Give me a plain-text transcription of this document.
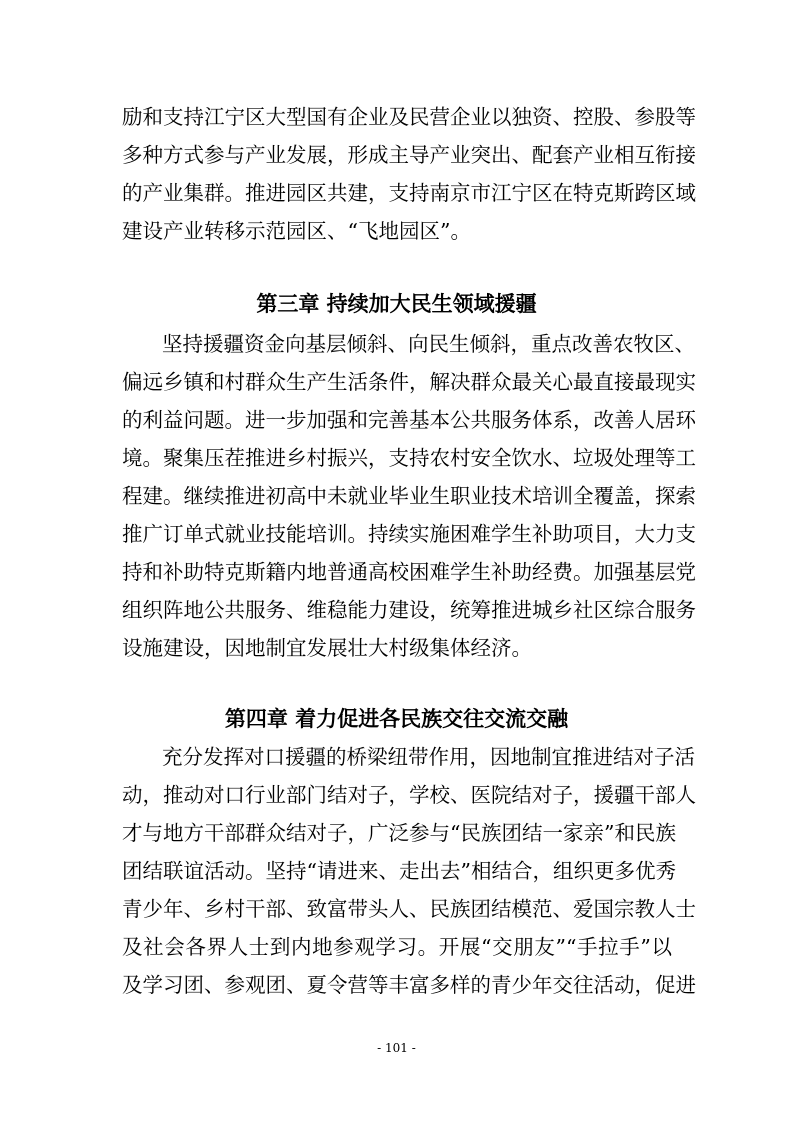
励和支持江宁区大型国有企业及民营企业以独资、控股、参股等
多种方式参与产业发展，形成主导产业突出、配套产业相互衔接
的产业集群。推进园区共建，支持南京市江宁区在特克斯跨区域
建设产业转移示范园区、“飞地园区”。
第三章 持续加大民生领域援疆
坚持援疆资金向基层倾斜、向民生倾斜，重点改善农牧区、
偏远乡镇和村群众生产生活条件，解决群众最关心最直接最现实
的利益问题。进一步加强和完善基本公共服务体系，改善人居环
境。聚集压茬推进乡村振兴，支持农村安全饮水、垃圾处理等工
程建。继续推进初高中未就业毕业生职业技术培训全覆盖，探索
推广订单式就业技能培训。持续实施困难学生补助项目，大力支
持和补助特克斯籍内地普通高校困难学生补助经费。加强基层党
组织阵地公共服务、维稳能力建设，统筹推进城乡社区综合服务
设施建设，因地制宜发展壮大村级集体经济。
第四章 着力促进各民族交往交流交融
充分发挥对口援疆的桥梁纽带作用，因地制宜推进结对子活
动，推动对口行业部门结对子，学校、医院结对子，援疆干部人
才与地方干部群众结对子，广泛参与“民族团结一家亲”和民族
团结联谊活动。坚持“请进来、走出去”相结合，组织更多优秀
青少年、乡村干部、致富带头人、民族团结模范、爱国宗教人士
及社会各界人士到内地参观学习。开展“交朋友”“手拉手”以
及学习团、参观团、夏令营等丰富多样的青少年交往活动，促进
- 101 -
